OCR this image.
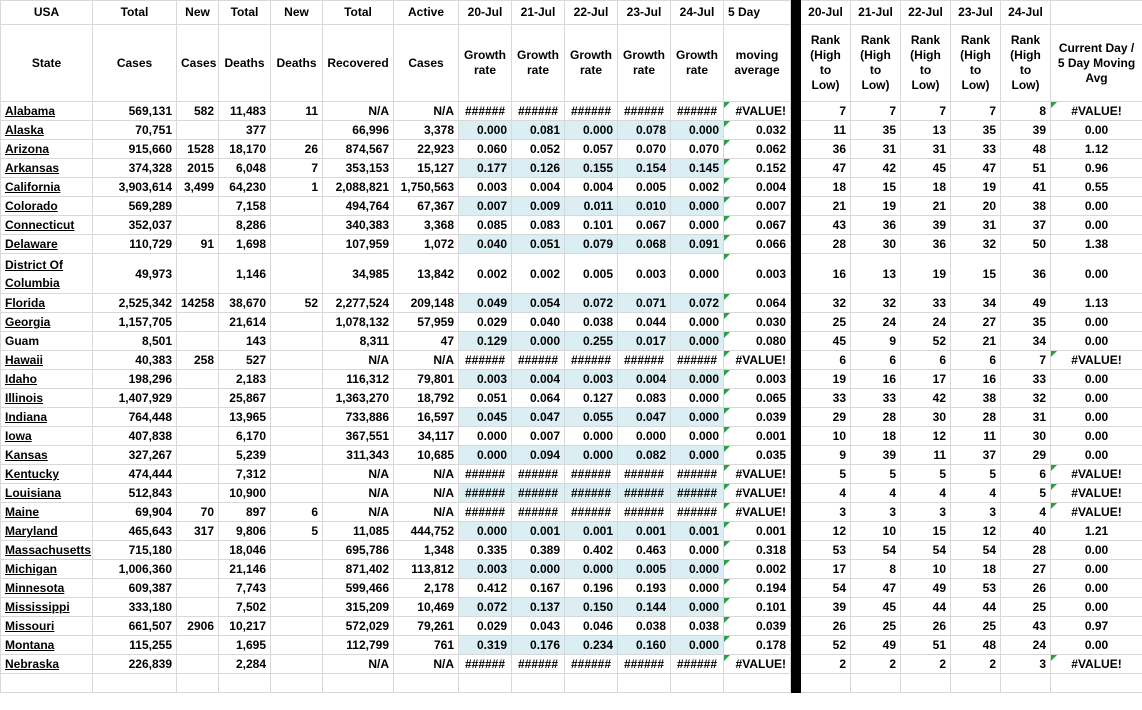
USA	Total	New	Total	New	Total	Active	20-Jul	21-Jul	22-Jul	23-Jul	24-Jul	5 Day		20-Jul	21-Jul	22-Jul	23-Jul	24-Jul	
State	Cases	Cases	Deaths	Deaths	Recovered	Cases	Growth rate	Growth rate	Growth rate	Growth rate	Growth rate	moving average		Rank (High to Low)	Rank (High to Low)	Rank (High to Low)	Rank (High to Low)	Rank (High to Low)	Current Day / 5 Day Moving Avg
Alabama	569,131	582	11,483	11	N/A	N/A	######	######	######	######	######	#VALUE!		7	7	7	7	8	#VALUE!

Alaska	70,751		377		66,996	3,378	0.000	0.081	0.000	0.078	0.000	0.032		11	35	13	35	39	0.00
Arizona	915,660	1528	18,170	26	874,567	22,923	0.060	0.052	0.057	0.070	0.070	0.062		36	31	31	33	48	1.12
Arkansas	374,328	2015	6,048	7	353,153	15,127	0.177	0.126	0.155	0.154	0.145	0.152		47	42	45	47	51	0.96
California	3,903,614	3,499	64,230	1	2,088,821	1,750,563	0.003	0.004	0.004	0.005	0.002	0.004		18	15	18	19	41	0.55
Colorado	569,289		7,158		494,764	67,367	0.007	0.009	0.011	0.010	0.000	0.007		21	19	21	20	38	0.00
Connecticut	352,037		8,286		340,383	3,368	0.085	0.083	0.101	0.067	0.000	0.067		43	36	39	31	37	0.00
Delaware	110,729	91	1,698		107,959	1,072	0.040	0.051	0.079	0.068	0.091	0.066		28	30	36	32	50	1.38
District Of Columbia	49,973		1,146		34,985	13,842	0.002	0.002	0.005	0.003	0.000	0.003		16	13	19	15	36	0.00
Florida	2,525,342	14258	38,670	52	2,277,524	209,148	0.049	0.054	0.072	0.071	0.072	0.064		32	32	33	34	49	1.13
Georgia	1,157,705		21,614		1,078,132	57,959	0.029	0.040	0.038	0.044	0.000	0.030		25	24	24	27	35	0.00
Guam	8,501		143		8,311	47	0.129	0.000	0.255	0.017	0.000	0.080		45	9	52	21	34	0.00
Hawaii	40,383	258	527		N/A	N/A	######	######	######	######	######	#VALUE!		6	6	6	6	7	#VALUE!

Idaho	198,296		2,183		116,312	79,801	0.003	0.004	0.003	0.004	0.000	0.003		19	16	17	16	33	0.00
Illinois	1,407,929		25,867		1,363,270	18,792	0.051	0.064	0.127	0.083	0.000	0.065		33	33	42	38	32	0.00
Indiana	764,448		13,965		733,886	16,597	0.045	0.047	0.055	0.047	0.000	0.039		29	28	30	28	31	0.00
Iowa	407,838		6,170		367,551	34,117	0.000	0.007	0.000	0.000	0.000	0.001		10	18	12	11	30	0.00
Kansas	327,267		5,239		311,343	10,685	0.000	0.094	0.000	0.082	0.000	0.035		9	39	11	37	29	0.00
Kentucky	474,444		7,312		N/A	N/A	######	######	######	######	######	#VALUE!		5	5	5	5	6	#VALUE!

Louisiana	512,843		10,900		N/A	N/A	######	######	######	######	######	#VALUE!		4	4	4	4	5	#VALUE!

Maine	69,904	70	897	6	N/A	N/A	######	######	######	######	######	#VALUE!		3	3	3	3	4	#VALUE!

Maryland	465,643	317	9,806	5	11,085	444,752	0.000	0.001	0.001	0.001	0.001	0.001		12	10	15	12	40	1.21
Massachusetts	715,180		18,046		695,786	1,348	0.335	0.389	0.402	0.463	0.000	0.318		53	54	54	54	28	0.00
Michigan	1,006,360		21,146		871,402	113,812	0.003	0.000	0.000	0.005	0.000	0.002		17	8	10	18	27	0.00
Minnesota	609,387		7,743		599,466	2,178	0.412	0.167	0.196	0.193	0.000	0.194		54	47	49	53	26	0.00
Mississippi	333,180		7,502		315,209	10,469	0.072	0.137	0.150	0.144	0.000	0.101		39	45	44	44	25	0.00
Missouri	661,507	2906	10,217		572,029	79,261	0.029	0.043	0.046	0.038	0.038	0.039		26	25	26	25	43	0.97
Montana	115,255		1,695		112,799	761	0.319	0.176	0.234	0.160	0.000	0.178		52	49	51	48	24	0.00
Nebraska	226,839		2,284		N/A	N/A	######	######	######	######	######	#VALUE!		2	2	2	2	3	#VALUE!
